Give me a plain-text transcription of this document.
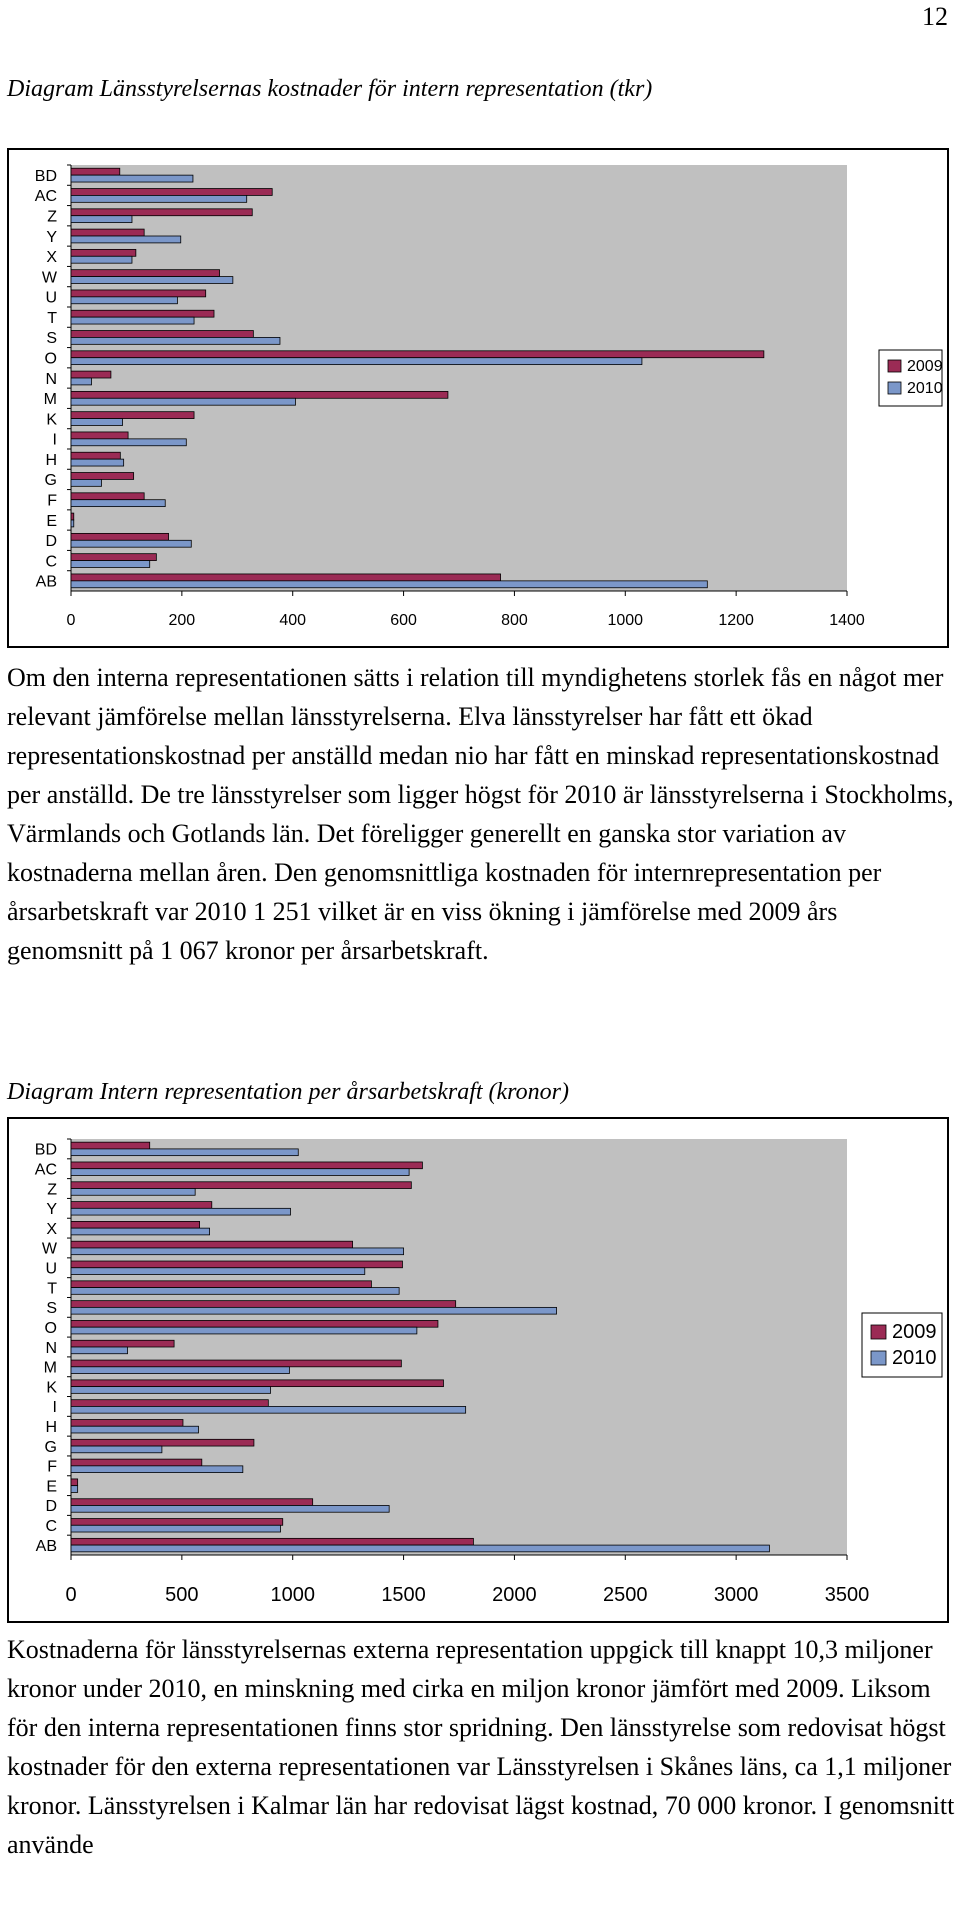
12
Diagram Länsstyrelsernas kostnader för intern representation (tkr)
BD
AC
Z
Y
X
W
U
T
S
O
N
M
K
I
H
G
F
E
D
C
AB
0	200	400	600	800	1000	1200	1400
2009
2010

Om den interna representationen sätts i relation till myndighetens storlek fås en något mer relevant jämförelse mellan länsstyrelserna. Elva länsstyrelser har fått ett ökad representationskostnad per anställd medan nio har fått en minskad representationskostnad per anställd. De tre länsstyrelser som ligger högst för 2010 är länsstyrelserna i Stockholms, Värmlands och Gotlands län. Det föreligger generellt en ganska stor variation av kostnaderna mellan åren. Den genomsnittliga kostnaden för internrepresentation per årsarbetskraft var 2010 1 251 vilket är en viss ökning i jämförelse med 2009 års genomsnitt på 1 067 kronor per årsarbetskraft.

Diagram Intern representation per årsarbetskraft (kronor)
BD
AC
Z
Y
X
W
U
T
S
O
N
M
K
I
H
G
F
E
D
C
AB
0	500	1000	1500	2000	2500	3000	3500
2009
2010

Kostnaderna för länsstyrelsernas externa representation uppgick till knappt 10,3 miljoner kronor under 2010, en minskning med cirka en miljon kronor jämfört med 2009. Liksom för den interna representationen finns stor spridning. Den länsstyrelse som redovisat högst kostnader för den externa representationen var Länsstyrelsen i Skånes läns, ca 1,1 miljoner kronor. Länsstyrelsen i Kalmar län har redovisat lägst kostnad, 70 000 kronor. I genomsnitt använde
